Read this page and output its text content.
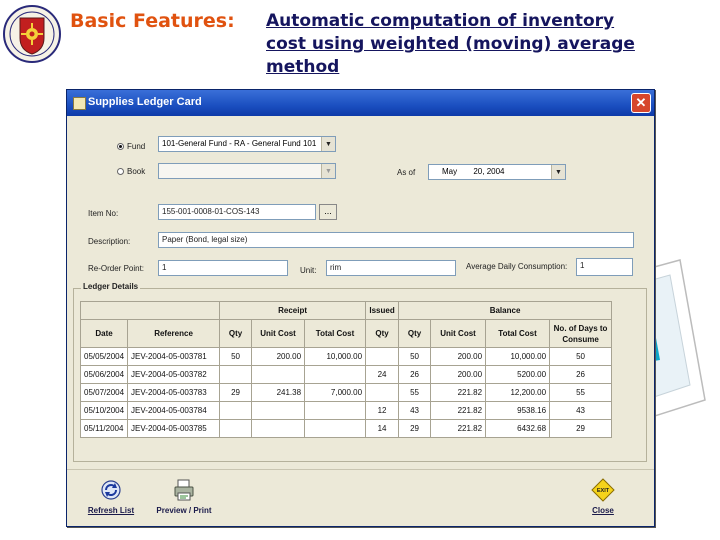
Basic Features: Automatic computation of inventory
cost using weighted (moving) average
method
Supplies Ledger Card	✕
Fund	101-General Fund - RA - General Fund 101	▼
Book	▼	As of	May 20, 2004	▼
Item No:	155-001-0008-01-COS-143	...
Description:	Paper (Bond, legal size)
Re-Order Point:	1	Unit:	rim	Average Daily Consumption:	1
Ledger Details
		Receipt			Issued	Balance			
Date	Reference	Qty	Unit Cost	Total Cost	Qty	Qty	Unit Cost	Total Cost	No. of Days to Consume
05/05/2004	JEV-2004-05-003781	50	200.00	10,000.00		50	200.00	10,000.00	50
05/06/2004	JEV-2004-05-003782				24	26	200.00	5200.00	26
05/07/2004	JEV-2004-05-003783	29	241.38	7,000.00		55	221.82	12,200.00	55
05/10/2004	JEV-2004-05-003784				12	43	221.82	9538.16	43
05/11/2004	JEV-2004-05-003785				14	29	221.82	6432.68	29
Refresh List	Preview / Print
EXIT
Close
